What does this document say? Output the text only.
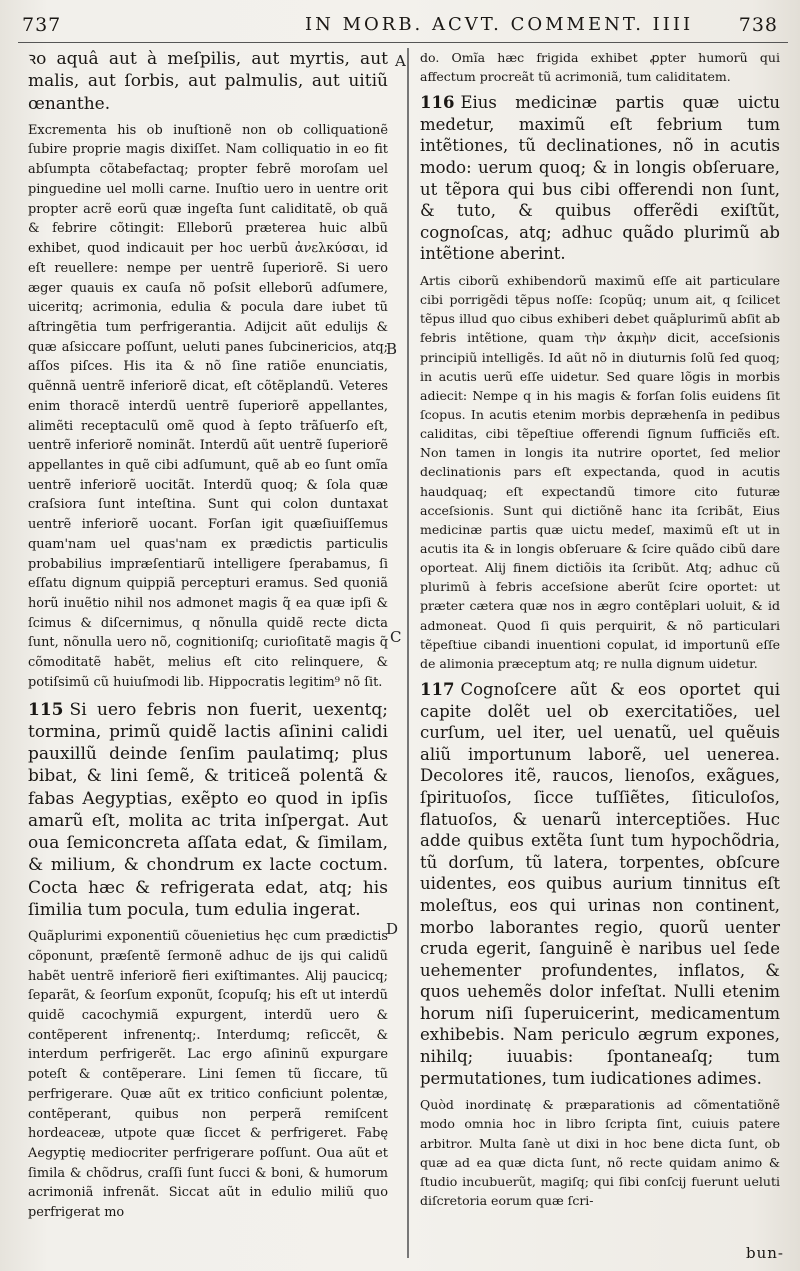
737	IN MORB. ACVT. COMMENT. IIII 738

ꝛo aquâ aut à meſpilis, aut myrtis, aut malis, aut ſorbis, aut palmulis, aut uitiũ œnanthe.

Excrementa his ob inuſtionẽ non ob colliquationẽ ſubire proprie magis dixiſſet. Nam colliquatio in eo fit abſumpta cõtabefactaq; propter febrẽ moroſam uel pinguedine uel molli carne. Inuſtio uero in uentre orit propter acrẽ eorũ quæ ingeſta ſunt caliditatẽ, ob quã & febrire cõtingit: Elleborũ præterea huic albũ exhibet, quod indicauit per hoc uerbũ ἀνελκύσαι, id eſt reuellere: nempe per uentrẽ ſuperiorẽ. Si uero æger quauis ex cauſa nõ poſsit elleborũ adſumere, uiceritq; acrimonia, edulia & pocula dare iubet tũ aſtringẽtia tum perfrigerantia. Adijcit aũt edulijs & quæ aſsiccare poſſunt, ueluti panes ſubcinericios, atq; aſſos piſces. His ita & nõ ſine ratiõe enunciatis, quẽnnã uentrẽ inferiorẽ dicat, eſt cõtẽplandũ. Veteres enim thoracẽ interdũ uentrẽ ſuperiorẽ appellantes, alimẽti receptaculũ omẽ quod à ſepto trãſuerſo eſt, uentrẽ inferiorẽ nominãt. Interdũ aũt uentrẽ ſuperiorẽ appellantes in quẽ cibi adſumunt, quẽ ab eo ſunt omĩa uentrẽ inferiorẽ uocitãt. Interdũ quoq; & ſola quæ craſsiora ſunt inteſtina. Sunt qui colon duntaxat uentrẽ inferiorẽ uocant. Forſan igit quæſiuiſſemus quam'nam uel quas'nam ex prædictis particulis probabilius impræſentiarũ intelligere ſperabamus, ſi eſſatu dignum quippiã percepturi eramus. Sed quoniã horũ inuẽtio nihil nos admonet magis q̃ ea quæ ipſi & ſcimus & diſcernimus, q nõnulla quidẽ recte dicta ſunt, nõnulla uero nõ, cognitioniſq; curioſitatẽ magis q̃ cõmoditatẽ habẽt, melius eſt cito relinquere, & potiſsimũ cũ huiuſmodi lib. Hippocratis legitim⁹ nõ ſit.

115 Si uero febris non fuerit, uexentq; tormina, primũ quidẽ lactis aſinini calidi pauxillũ deinde ſenſim paulatimq; plus bibat, & lini ſemẽ, & triticeã polentã & fabas Aegyptias, exẽpto eo quod in ipſis amarũ eſt, molita ac trita inſpergat. Aut oua ſemiconcreta aſſata edat, & ſimilam, & milium, & chondrum ex lacte coctum. Cocta hæc & refrigerata edat, atq; his ſimilia tum pocula, tum edulia ingerat.

Quãplurimi exponentiũ cõuenietius hęc cum prædictis cõponunt, præſentẽ ſermonẽ adhuc de ijs qui calidũ habẽt uentrẽ inferiorẽ fieri exiſtimantes. Alij paucicq; ſeparãt, & ſeorſum exponũt, ſcopuſq; his eſt ut interdũ quidẽ cacochymiã expurgent, interdũ uero & contẽperent infrenentq;. Interdumq; reſiccẽt, & interdum perfrigerẽt. Lac ergo aſininũ expurgare poteſt & contẽperare. Lini ſemen tũ ſiccare, tũ perfrigerare. Quæ aũt ex tritico conficiunt polentæ, contẽperant, quibus non perperã remiſcent hordeaceæ, utpote quæ ſiccet & perfrigeret. Fabę Aegyptię mediocriter perfrigerare poſſunt. Oua aũt et ſimila & chõdrus, craſſi ſunt ſucci & boni, & humorum acrimoniã infrenãt. Siccat aũt in edulio miliũ quo perfrigerat mo

A
B
C
D

do. Omĩa hæc frigida exhibet ꝓpter humorũ qui affectum procreãt tũ acrimoniã, tum caliditatem.

116 Eius medicinæ partis quæ uictu medetur, maximũ eſt febrium tum intẽtiones, tũ declinationes, nõ in acutis modo: uerum quoq; & in longis obſeruare, ut tẽpora qui bus cibi offerendi non ſunt, & tuto, & quibus offerẽdi exiſtũt, cognoſcas, atq; adhuc quãdo plurimũ ab intẽtione aberint.

Artis ciborũ exhibendorũ maximũ eſſe ait particulare cibi porrigẽdi tẽpus noſſe: ſcopũq; unum ait, q ſcilicet tẽpus illud quo cibus exhiberi debet quãplurimũ abſit ab febris intẽtione, quam τὴν ἀκμὴν dicit, acceſsionis principiũ intelligẽs. Id aũt nõ in diuturnis ſolũ ſed quoq; in acutis uerũ eſſe uidetur. Sed quare lõgis in morbis adiecit: Nempe q in his magis & forſan ſolis euidens ſit ſcopus. In acutis etenim morbis depræhenſa in pedibus caliditas, cibi tẽpeſtiue offerendi ſignum ſufficiẽs eſt. Non tamen in longis ita nutrire oportet, ſed melior declinationis pars eſt expectanda, quod in acutis haudquaq; eſt expectandũ timore cito futuræ acceſsionis. Sunt qui dictiõnẽ hanc ita ſcribãt, Eius medicinæ partis quæ uictu medeſ, maximũ eſt ut in acutis ita & in longis obſeruare & ſcire quãdo cibũ dare oporteat. Alij finem dictiõis ita ſcribũt. Atq; adhuc cũ plurimũ à febris acceſsione aberũt ſcire oportet: ut præter cætera quæ nos in ægro contẽplari uoluit, & id admoneat. Quod ſi quis perquirit, & nõ particulari tẽpeſtiue cibandi inuentioni copulat, id importunũ eſſe de alimonia præceptum atq; re nulla dignum uidetur.

117 Cognoſcere aũt & eos oportet qui capite dolẽt uel ob exercitatiões, uel curſum, uel iter, uel uenatũ, uel quẽuis aliũ importunum laborẽ, uel uenerea. Decolores itẽ, raucos, lienoſos, exãgues, ſpirituoſos, ſicce tuſſiẽtes, ſiticuloſos, flatuoſos, & uenarũ interceptiões. Huc adde quibus extẽta ſunt tum hypochõdria, tũ dorſum, tũ latera, torpentes, obſcure uidentes, eos quibus aurium tinnitus eſt moleſtus, eos qui urinas non continent, morbo laborantes regio, quorũ uenter cruda egerit, ſanguinẽ è naribus uel ſede uehementer profundentes, inflatos, & quos uehemẽs dolor infeſtat. Nulli etenim horum niſi ſuperuicerint, medicamentum exhibebis. Nam periculo ægrum expones, nihilq; iuuabis: ſpontaneaſq; tum permutationes, tum iudicationes adimes.

Quòd inordinatę & præparationis ad cõmentatiõnẽ modo omnia hoc in libro ſcripta ſint, cuiuis patere arbitror. Multa ſanè ut dixi in hoc bene dicta ſunt, ob quæ ad ea quæ dicta ſunt, nõ recte quidam animo & ſtudio incubuerũt, magiſq; qui ſibi conſcij fuerunt ueluti diſcretoria eorum quæ ſcri-

bun-
